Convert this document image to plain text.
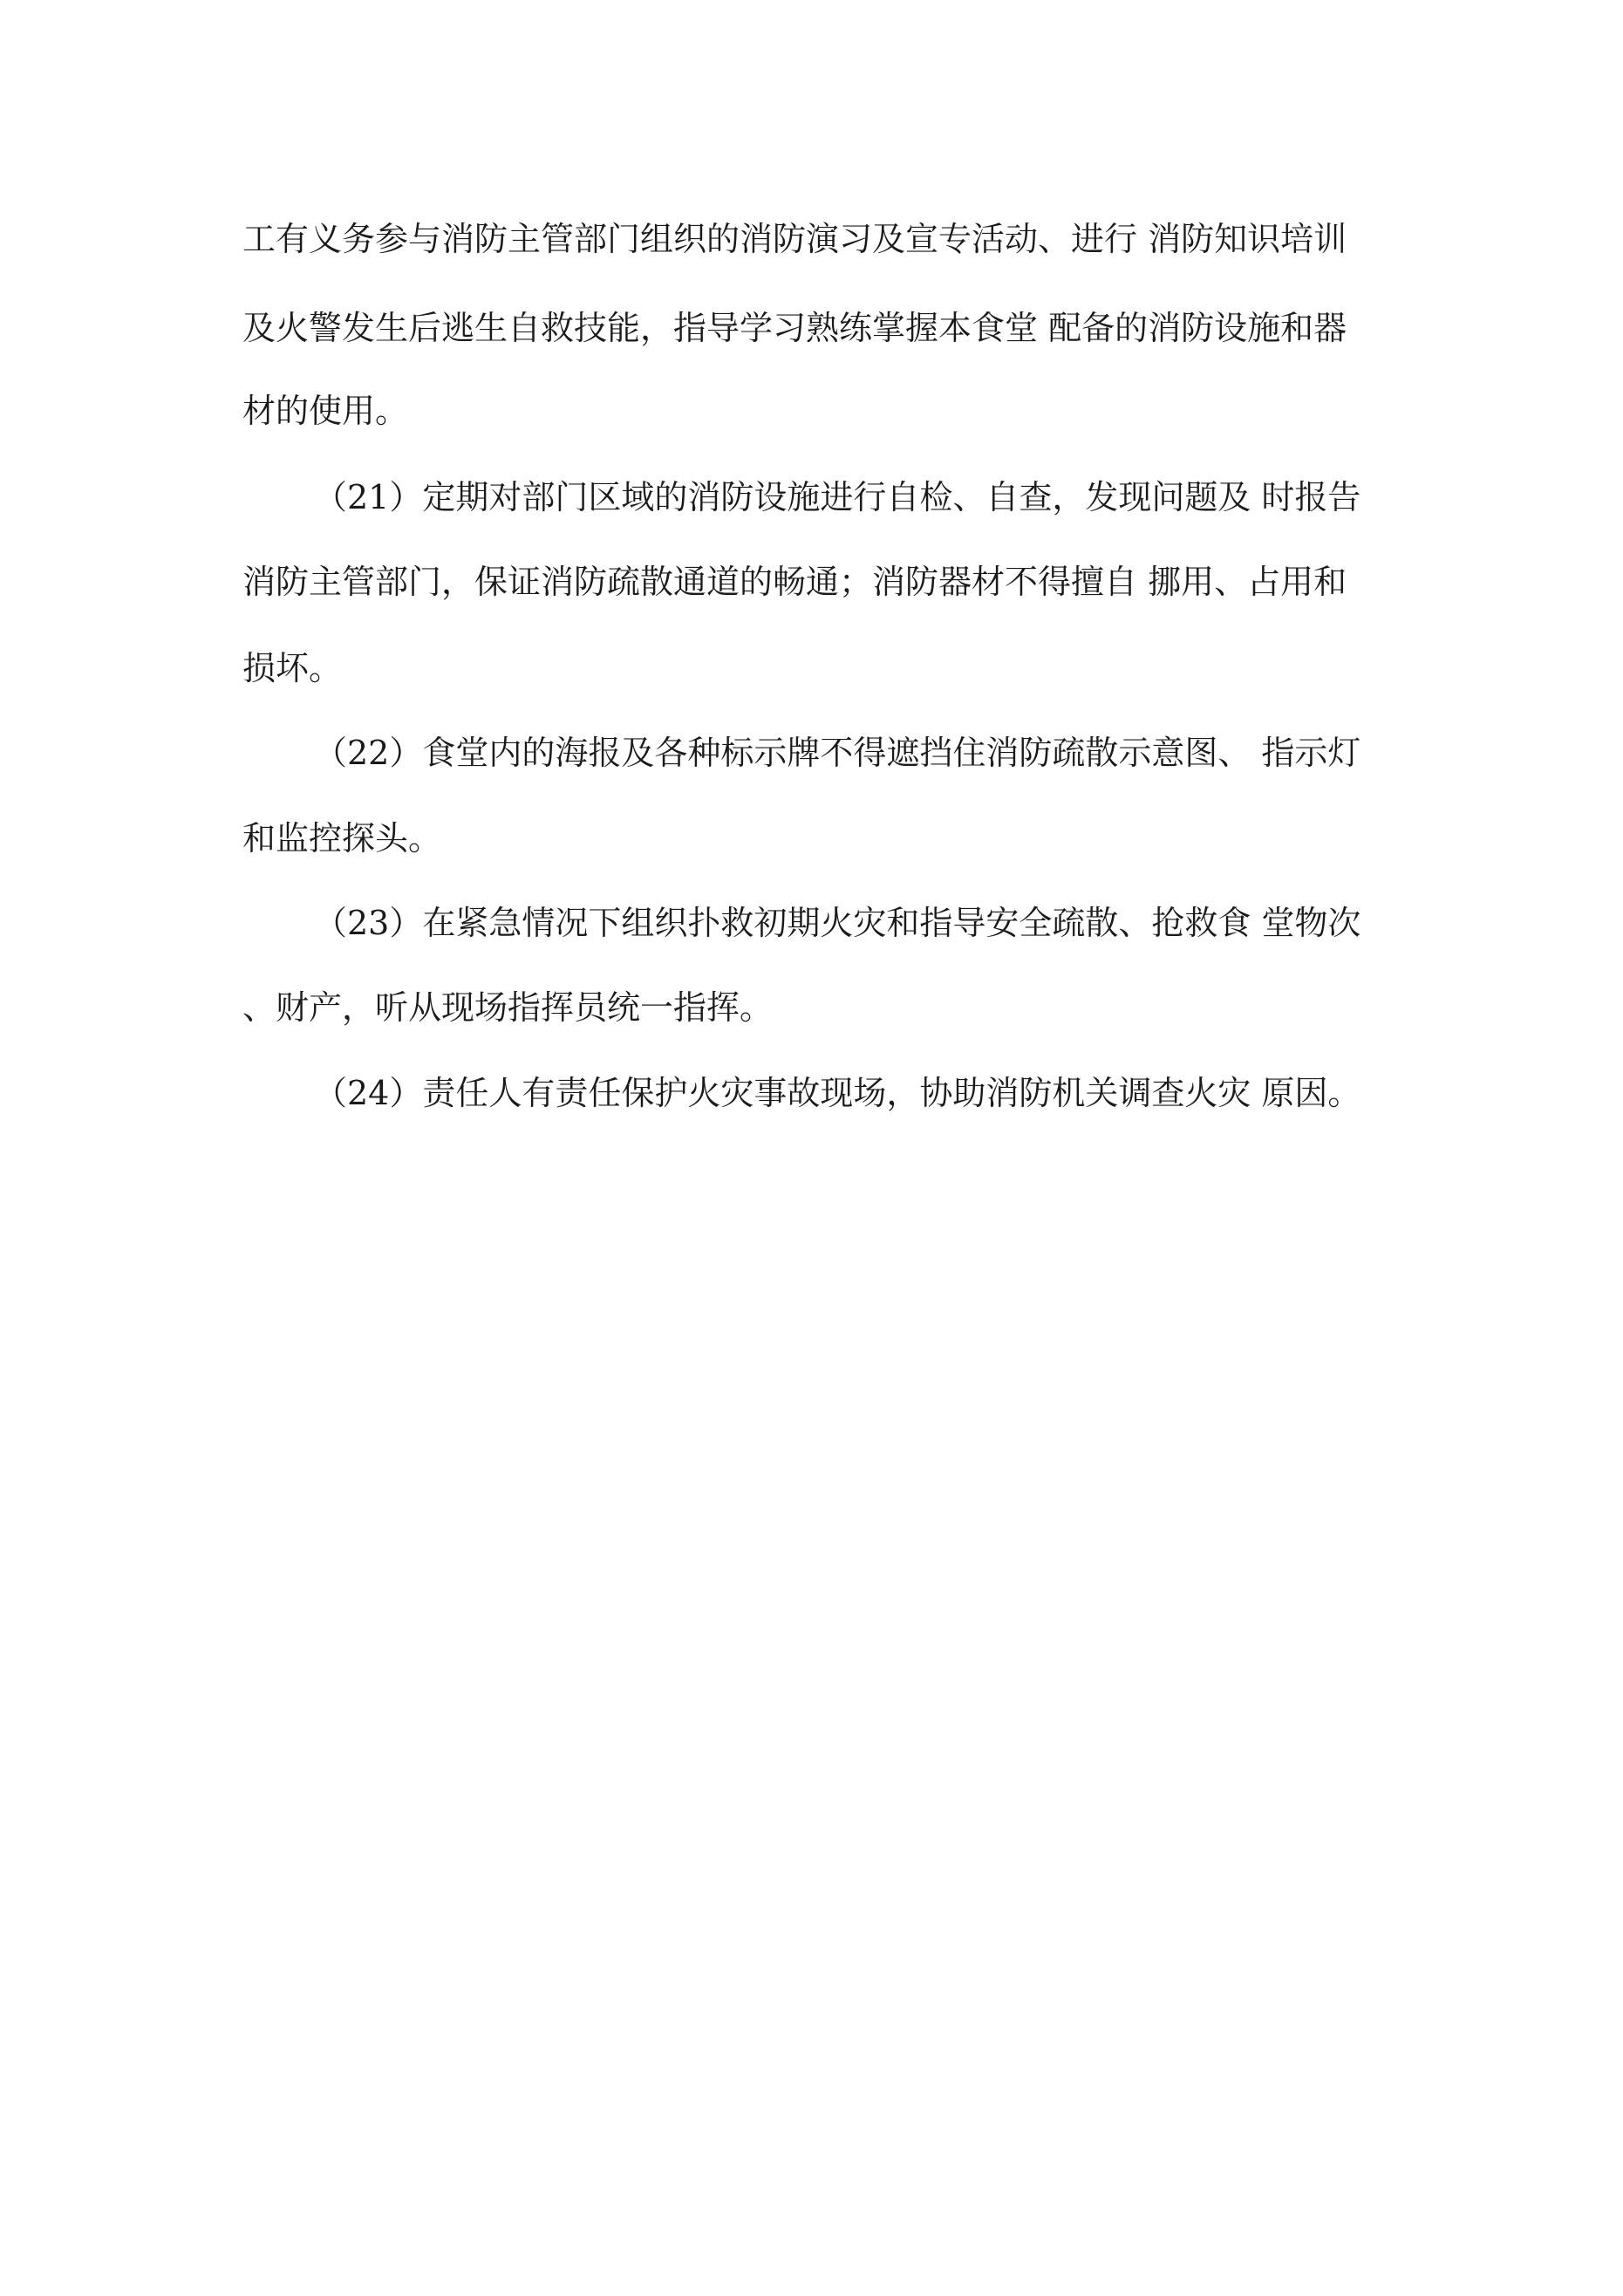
工有义务参与消防主管部门组织的消防演习及宣专活动、进行 消防知识培训
及火警发生后逃生自救技能，指导学习熟练掌握本食堂 配备的消防设施和器
材的使用。
（21）定期对部门区域的消防设施进行自检、自查，发现问题及 时报告
消防主管部门，保证消防疏散通道的畅通；消防器材不得擅自 挪用、占用和
损坏。
（22）食堂内的海报及各种标示牌不得遮挡住消防疏散示意图、 指示灯
和监控探头。
（23）在紧急情况下组织扑救初期火灾和指导安全疏散、抢救食 堂物次
、财产，听从现场指挥员统一指挥。
（24）责任人有责任保护火灾事故现场，协助消防机关调查火灾 原因。
